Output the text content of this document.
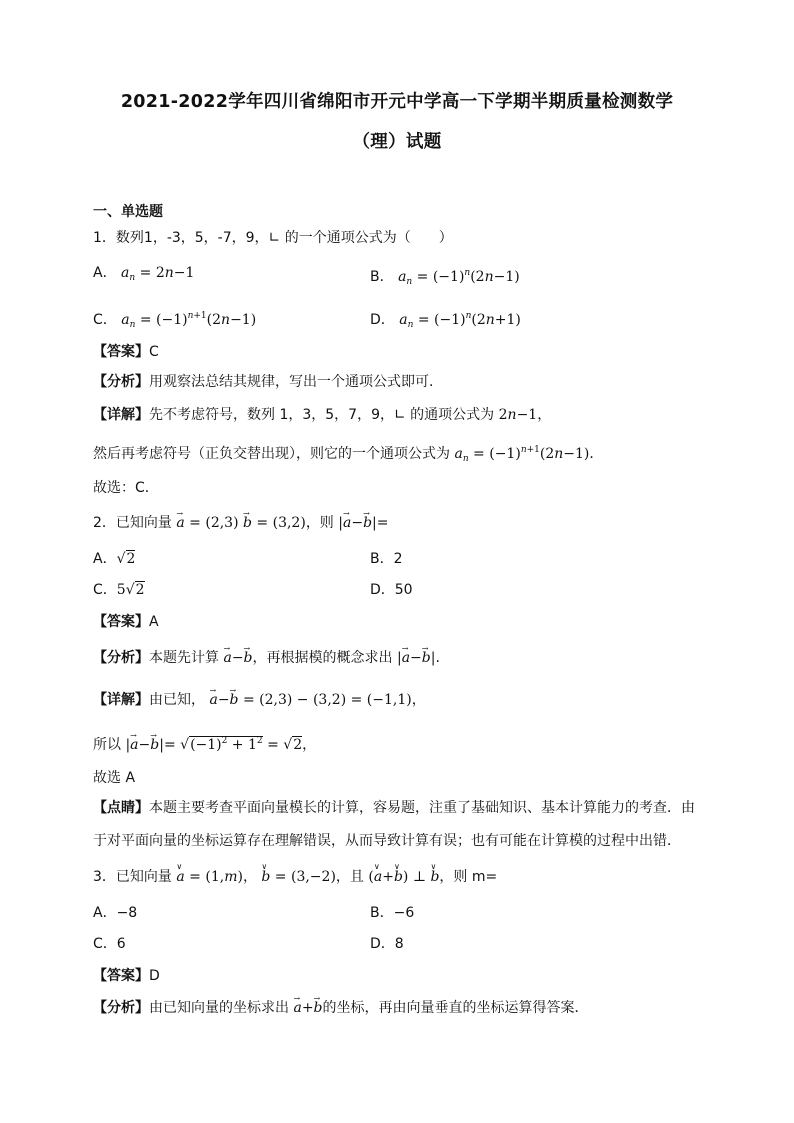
2021-2022学年四川省绵阳市开元中学高一下学期半期质量检测数学
（理）试题
一、单选题
1．数列1，-3，5，-7，9，∟ 的一个通项公式为（　　）
A． $a_n = 2n-1$	B． $a_n = (-1)^n(2n-1)$
C． $a_n = (-1)^{n+1}(2n-1)$	D． $a_n = (-1)^n(2n+1)$
【答案】C
【分析】用观察法总结其规律，写出一个通项公式即可.
【详解】先不考虑符号，数列 1，3，5，7，9，∟ 的通项公式为 2n−1，
然后再考虑符号（正负交替出现），则它的一个通项公式为 $a_n = (-1)^{n+1}(2n-1)$．
故选：C．
2．已知向量 → a = (2,3) → b = (3,2)，则 |→ a−→ b|=
A．√2	B．2
C．5√2	D．50
【答案】A
【分析】本题先计算 → a−→ b，再根据模的概念求出 |→ a−→ b|.
【详解】由已知， → a−→ b = (2,3) − (3,2) = (−1,1)，
所以 |→ $a-\to b|= √(-1)^2 + 1^2 = √2$，
故选 A
【点睛】本题主要考查平面向量模长的计算，容易题，注重了基础知识、基本计算能力的考查．由
于对平面向量的坐标运算存在理解错误，从而导致计算有误；也有可能在计算模的过程中出错．
3．已知向量 ∨ a = (1,m)， ∨ b = (3,−2)，且 (∨ a+∨ b) ⊥ ∨ b，则 m=
A．−8	B．−6
C．6	D．8
【答案】D
【分析】由已知向量的坐标求出 → a+→ b的坐标，再由向量垂直的坐标运算得答案．
